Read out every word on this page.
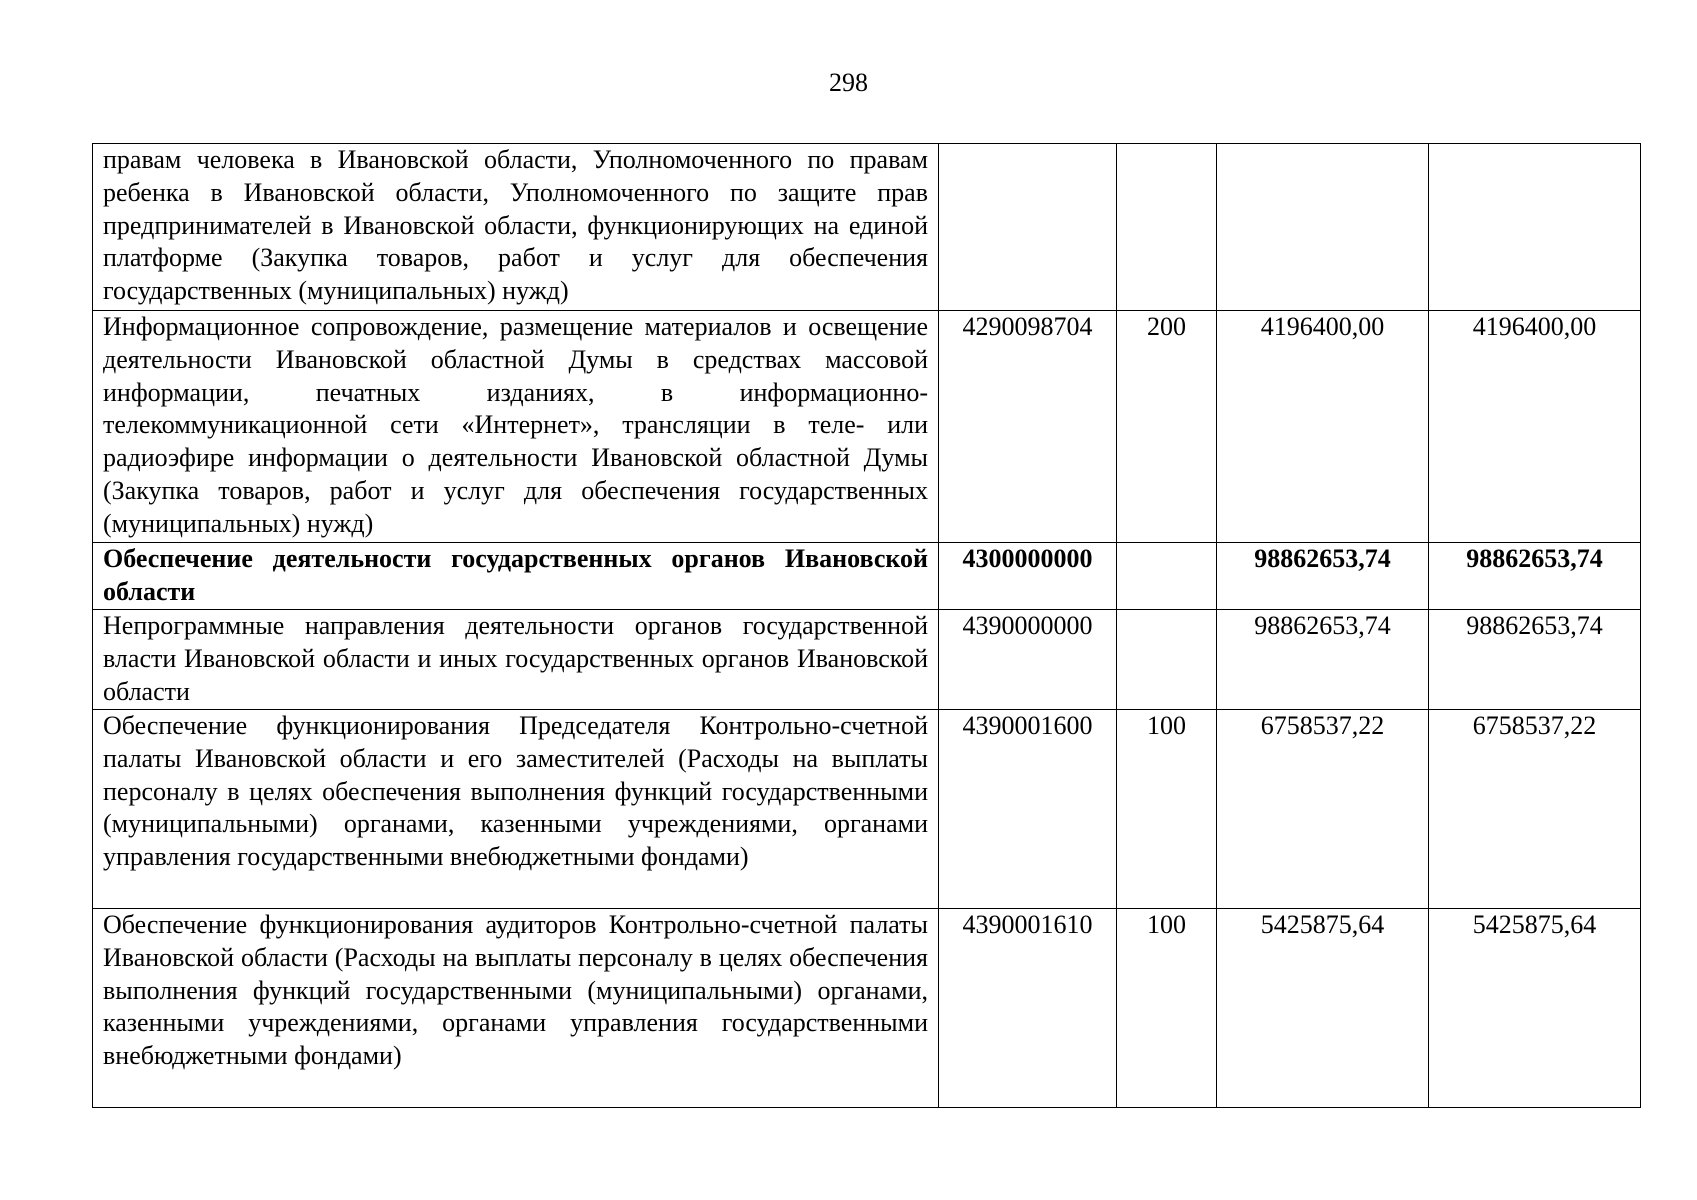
298
правам человека в Ивановской области, Уполномоченного по правам ребенка в Ивановской области, Уполномоченного по защите прав предпринимателей в Ивановской области, функционирующих на единой платформе (Закупка товаров, работ и услуг для обеспечения государственных (муниципальных) нужд)				
Информационное сопровождение, размещение материалов и освещение деятельности Ивановской областной Думы в средствах массовой информации, печатных изданиях, в информационно-телекоммуникационной сети «Интернет», трансляции в теле- или радиоэфире информации о деятельности Ивановской областной Думы (Закупка товаров, работ и услуг для обеспечения государственных (муниципальных) нужд)	4290098704	200	4196400,00	4196400,00
Обеспечение деятельности государственных органов Ивановской области	4300000000		98862653,74	98862653,74
Непрограммные направления деятельности органов государственной власти Ивановской области и иных государственных органов Ивановской области	4390000000		98862653,74	98862653,74
Обеспечение функционирования Председателя Контрольно-счетной палаты Ивановской области и его заместителей (Расходы на выплаты персоналу в целях обеспечения выполнения функций государственными (муниципальными) органами, казенными учреждениями, органами управления государственными внебюджетными фондами)	4390001600	100	6758537,22	6758537,22
Обеспечение функционирования аудиторов Контрольно-счетной палаты Ивановской области (Расходы на выплаты персоналу в целях обеспечения выполнения функций государственными (муниципальными) органами, казенными учреждениями, органами управления государственными внебюджетными фондами)	4390001610	100	5425875,64	5425875,64
